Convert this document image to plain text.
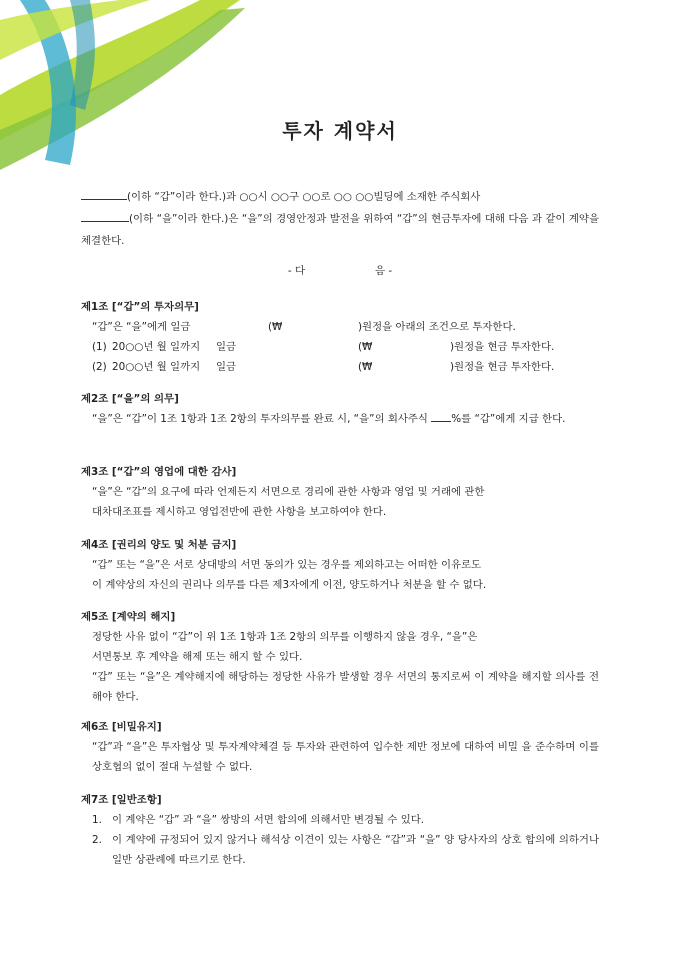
투자 계약서
(이하 “갑”이라 한다.)과 ○○시 ○○구 ○○로 ○○ ○○빌딩에 소재한 주식회사
(이하 “을”이라 한다.)은 “을”의 경영안정과 발전을 위하여 “갑”의 현금투자에 대해 다음 과 같이 계약을 체결한다.
- 다	음 -
제1조 [“갑”의 투자의무]
“갑”은 “을”에게 일금	(₩	)원정을 아래의 조건으로 투자한다.
(1) 20○○년 월 일까지	일금	(₩	)원정을 현금 투자한다.
(2) 20○○년 월 일까지	일금	(₩	)원정을 현금 투자한다.
제2조 [“을”의 의무]
“을”은 “갑”이 1조 1항과 1조 2항의 투자의무를 완료 시, “을”의 회사주식 %를 “갑”에게 지급 한다.
제3조 [“갑”의 영업에 대한 감사]
“을”은 “갑”의 요구에 따라 언제든지 서면으로 경리에 관한 사항과 영업 및 거래에 관한
대차대조표를 제시하고 영업전반에 관한 사항을 보고하여야 한다.
제4조 [권리의 양도 및 처분 금지]
“갑” 또는 “을”은 서로 상대방의 서면 동의가 있는 경우를 제외하고는 어떠한 이유로도
이 계약상의 자신의 권리나 의무를 다른 제3자에게 이전, 양도하거나 처분을 할 수 없다.
제5조 [계약의 해지]
정당한 사유 없이 “갑”이 위 1조 1항과 1조 2항의 의무를 이행하지 않을 경우, “을”은
서면통보 후 계약을 해제 또는 해지 할 수 있다.
“갑” 또는 “을”은 계약해지에 해당하는 정당한 사유가 발생할 경우 서면의 통지로써 이 계약을 해지할 의사를 전해야 한다.
제6조 [비밀유지]
“갑”과 “을”은 투자협상 및 투자계약체결 등 투자와 관련하여 입수한 제반 정보에 대하여 비밀 을 준수하며 이를 상호협의 없이 절대 누설할 수 없다.
제7조 [일반조항]
1. 이 계약은 “갑” 과 “을” 쌍방의 서면 합의에 의해서만 변경될 수 있다.
2. 이 계약에 규정되어 있지 않거나 해석상 이견이 있는 사항은 “갑”과 “을” 양 당사자의 상호 합의에 의하거나 일반 상관례에 따르기로 한다.
